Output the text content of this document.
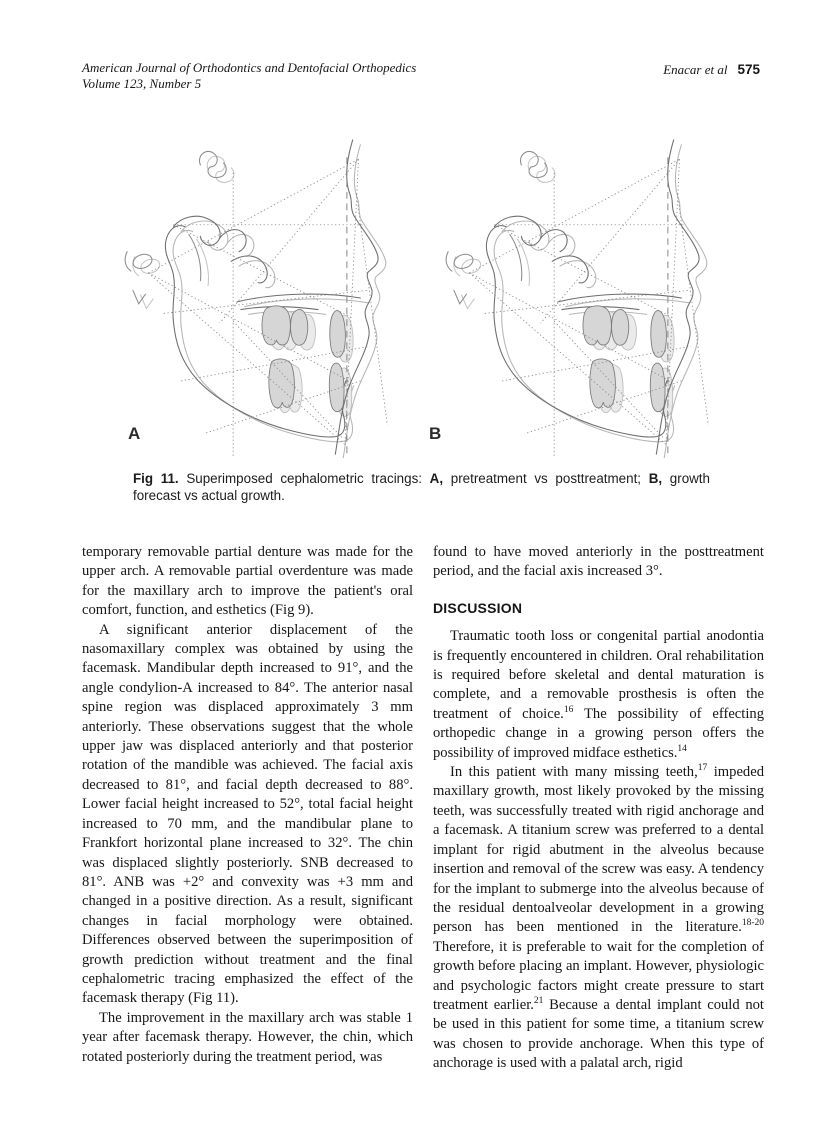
American Journal of Orthodontics and Dentofacial Orthopedics
Volume 123, Number 5
Enacar et al 575
A	B
Fig 11. Superimposed cephalometric tracings: A, pretreatment vs posttreatment; B, growth forecast vs actual growth.

temporary removable partial denture was made for the upper arch. A removable partial overdenture was made for the maxillary arch to improve the patient's oral comfort, function, and esthetics (Fig 9).

A significant anterior displacement of the nasomaxillary complex was obtained by using the facemask. Mandibular depth increased to 91°, and the angle condylion-A increased to 84°. The anterior nasal spine region was displaced approximately 3 mm anteriorly. These observations suggest that the whole upper jaw was displaced anteriorly and that posterior rotation of the mandible was achieved. The facial axis decreased to 81°, and facial depth decreased to 88°. Lower facial height increased to 52°, total facial height increased to 70 mm, and the mandibular plane to Frankfort horizontal plane increased to 32°. The chin was displaced slightly posteriorly. SNB decreased to 81°. ANB was +2° and convexity was +3 mm and changed in a positive direction. As a result, significant changes in facial morphology were obtained. Differences observed between the superimposition of growth prediction without treatment and the final cephalometric tracing emphasized the effect of the facemask therapy (Fig 11).

The improvement in the maxillary arch was stable 1 year after facemask therapy. However, the chin, which rotated posteriorly during the treatment period, was

found to have moved anteriorly in the posttreatment period, and the facial axis increased 3°.

DISCUSSION

Traumatic tooth loss or congenital partial anodontia is frequently encountered in children. Oral rehabilitation is required before skeletal and dental maturation is complete, and a removable prosthesis is often the treatment of choice.$^{16}$ The possibility of effecting orthopedic change in a growing person offers the possibility of improved midface esthetics.$^{14}$

In this patient with many missing teeth,$^{17}$ impeded maxillary growth, most likely provoked by the missing teeth, was successfully treated with rigid anchorage and a facemask. A titanium screw was preferred to a dental implant for rigid abutment in the alveolus because insertion and removal of the screw was easy. A tendency for the implant to submerge into the alveolus because of the residual dentoalveolar development in a growing person has been mentioned in the literature.$^{18-20}$ Therefore, it is preferable to wait for the completion of growth before placing an implant. However, physiologic and psychologic factors might create pressure to start treatment earlier.$^{21}$ Because a dental implant could not be used in this patient for some time, a titanium screw was chosen to provide anchorage. When this type of anchorage is used with a palatal arch, rigid
